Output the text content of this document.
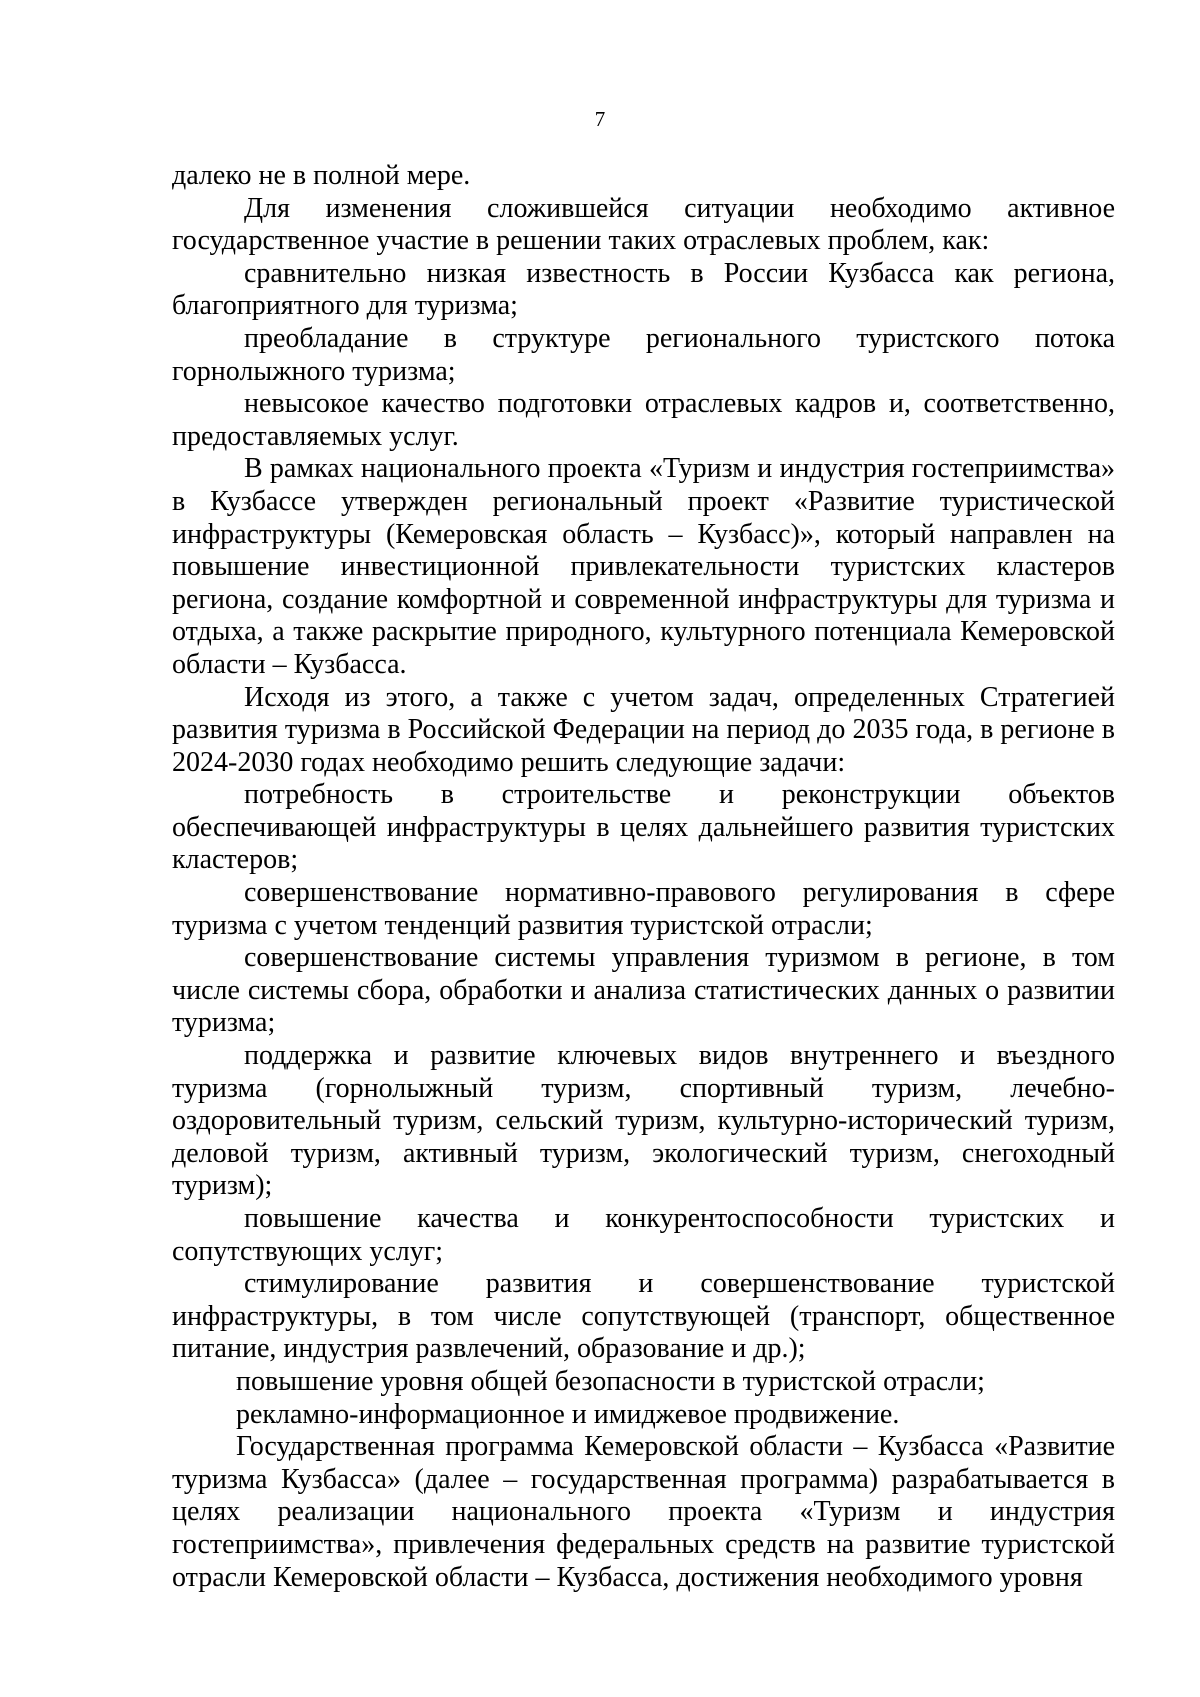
7

далеко не в полной мере.

Для изменения сложившейся ситуации необходимо активное государственное участие в решении таких отраслевых проблем, как:

сравнительно низкая известность в России Кузбасса как региона, благоприятного для туризма;

преобладание в структуре регионального туристского потока горнолыжного туризма;

невысокое качество подготовки отраслевых кадров и, соответственно, предоставляемых услуг.

В рамках национального проекта «Туризм и индустрия гостеприимства» в Кузбассе утвержден региональный проект «Развитие туристической инфраструктуры (Кемеровская область – Кузбасс)», который направлен на повышение инвестиционной привлекательности туристских кластеров региона, создание комфортной и современной инфраструктуры для туризма и отдыха, а также раскрытие природного, культурного потенциала Кемеровской области – Кузбасса.

Исходя из этого, а также с учетом задач, определенных Стратегией развития туризма в Российской Федерации на период до 2035 года, в регионе в 2024-2030 годах необходимо решить следующие задачи:

потребность в строительстве и реконструкции объектов обеспечивающей инфраструктуры в целях дальнейшего развития туристских кластеров;

совершенствование нормативно-правового регулирования в сфере туризма с учетом тенденций развития туристской отрасли;

совершенствование системы управления туризмом в регионе, в том числе системы сбора, обработки и анализа статистических данных о развитии туризма;

поддержка и развитие ключевых видов внутреннего и въездного туризма (горнолыжный туризм, спортивный туризм, лечебно-оздоровительный туризм, сельский туризм, культурно-исторический туризм, деловой туризм, активный туризм, экологический туризм, снегоходный туризм);

повышение качества и конкурентоспособности туристских и сопутствующих услуг;

стимулирование развития и совершенствование туристской инфраструктуры, в том числе сопутствующей (транспорт, общественное питание, индустрия развлечений, образование и др.);

повышение уровня общей безопасности в туристской отрасли;

рекламно-информационное и имиджевое продвижение.

Государственная программа Кемеровской области – Кузбасса «Развитие туризма Кузбасса» (далее – государственная программа) разрабатывается в целях реализации национального проекта «Туризм и индустрия гостеприимства», привлечения федеральных средств на развитие туристской отрасли Кемеровской области – Кузбасса, достижения необходимого уровня
